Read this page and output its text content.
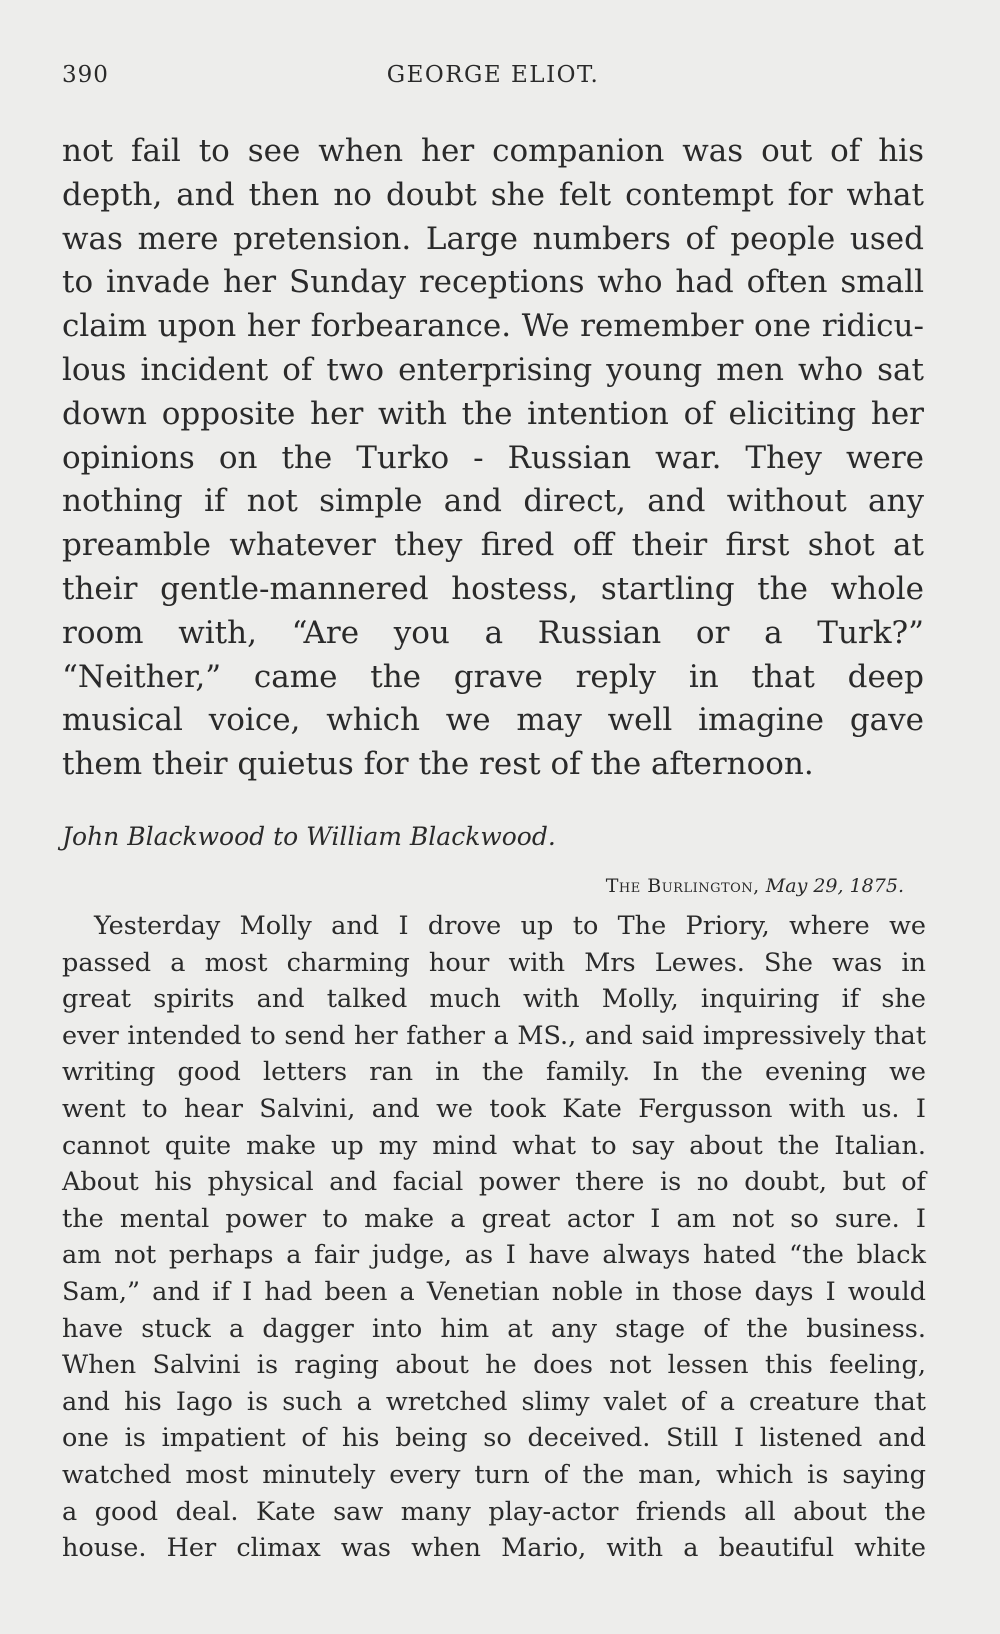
390	GEORGE ELIOT.

not fail to see when her companion was out of his
depth, and then no doubt she felt contempt for what
was mere pretension. Large numbers of people used
to invade her Sunday receptions who had often small
claim upon her forbearance. We remember one ridicu-
lous incident of two enterprising young men who sat
down opposite her with the intention of eliciting her
opinions on the Turko - Russian war. They were
nothing if not simple and direct, and without any
preamble whatever they fired off their first shot at
their gentle-mannered hostess, startling the whole
room with, “Are you a Russian or a Turk?”
“Neither,” came the grave reply in that deep
musical voice, which we may well imagine gave
them their quietus for the rest of the afternoon.

John Blackwood to William Blackwood.

The Burlington, May 29, 1875.

Yesterday Molly and I drove up to The Priory, where we
passed a most charming hour with Mrs Lewes. She was in
great spirits and talked much with Molly, inquiring if she
ever intended to send her father a MS., and said impressively that
writing good letters ran in the family. In the evening we
went to hear Salvini, and we took Kate Fergusson with us. I
cannot quite make up my mind what to say about the Italian.
About his physical and facial power there is no doubt, but of
the mental power to make a great actor I am not so sure. I
am not perhaps a fair judge, as I have always hated “the black
Sam,” and if I had been a Venetian noble in those days I would
have stuck a dagger into him at any stage of the business.
When Salvini is raging about he does not lessen this feeling,
and his Iago is such a wretched slimy valet of a creature that
one is impatient of his being so deceived. Still I listened and
watched most minutely every turn of the man, which is saying
a good deal. Kate saw many play-actor friends all about the
house. Her climax was when Mario, with a beautiful white
